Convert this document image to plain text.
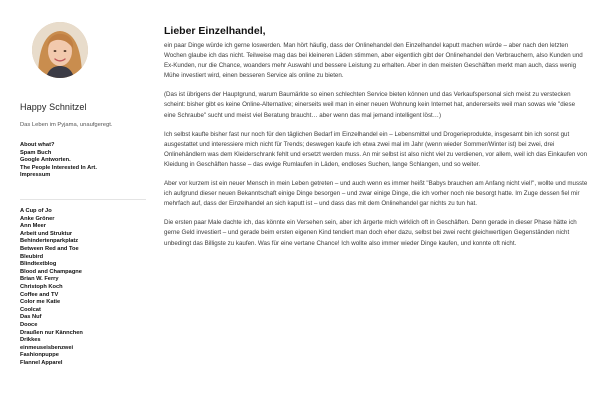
Happy Schnitzel
Das Leben im Pyjama, unaufgeregt.
About what?
Spam Buch
Google Antworten.
The People Interested In Art.
Impressum
A Cup of Jo
Anke Gröner
Ann Meer
Arbeit und Struktur
Behindertenparkplatz
Between Red and Toe
Bleubird
Blindtextblog
Blood and Champagne
Brian W. Ferry
Christoph Koch
Coffee and TV
Color me Katie
Coolcat
Das Nuf
Dooce
Draußen nur Kännchen
Drikkes
einmeuseisbenzwei
Fashionpuppe
Flannel Apparel
Lieber Einzelhandel,

ein paar Dinge würde ich gerne loswerden. Man hört häufig, dass der Onlinehandel den Einzelhandel kaputt machen würde – aber nach den letzten Wochen glaube ich das nicht. Teilweise mag das bei kleineren Läden stimmen, aber eigentlich gibt der Onlinehandel den Verbrauchern, also Kunden und Ex-Kunden, nur die Chance, woanders mehr Auswahl und bessere Leistung zu erhalten. Aber in den meisten Geschäften merkt man auch, dass wenig Mühe investiert wird, einen besseren Service als online zu bieten.

(Das ist übrigens der Hauptgrund, warum Baumärkte so einen schlechten Service bieten können und das Verkaufspersonal sich meist zu verstecken scheint: bisher gibt es keine Online-Alternative; einerseits weil man in einer neuen Wohnung kein Internet hat, andererseits weil man sowas wie "diese eine Schraube" sucht und meist viel Beratung braucht… aber wenn das mal jemand intelligent löst…)

Ich selbst kaufte bisher fast nur noch für den täglichen Bedarf im Einzelhandel ein – Lebensmittel und Drogerieprodukte, insgesamt bin ich sonst gut ausgestattet und interessiere mich nicht für Trends; deswegen kaufe ich etwa zwei mal im Jahr (wenn wieder Sommer/Winter ist) bei zwei, drei Onlinehändlern was dem Kleiderschrank fehlt und ersetzt werden muss. An mir selbst ist also nicht viel zu verdienen, vor allem, weil ich das Einkaufen von Kleidung in Geschäften hasse – das ewige Rumlaufen in Läden, endloses Suchen, lange Schlangen, und so weiter.

Aber vor kurzem ist ein neuer Mensch in mein Leben getreten – und auch wenn es immer heißt "Babys brauchen am Anfang nicht viel!", wollte und musste ich aufgrund dieser neuen Bekanntschaft einige Dinge besorgen – und zwar einige Dinge, die ich vorher noch nie besorgt hatte. Im Zuge dessen fiel mir mehrfach auf, dass der Einzelhandel an sich kaputt ist – und dass das mit dem Onlinehandel gar nichts zu tun hat.

Die ersten paar Male dachte ich, das könnte ein Versehen sein, aber ich ärgerte mich wirklich oft in Geschäften. Denn gerade in dieser Phase hätte ich gerne Geld investiert – und gerade beim ersten eigenen Kind tendiert man doch eher dazu, selbst bei zwei recht gleichwertigen Gegenständen nicht unbedingt das Billigste zu kaufen. Was für eine vertane Chance! Ich wollte also immer wieder Dinge kaufen, und konnte oft nicht.
